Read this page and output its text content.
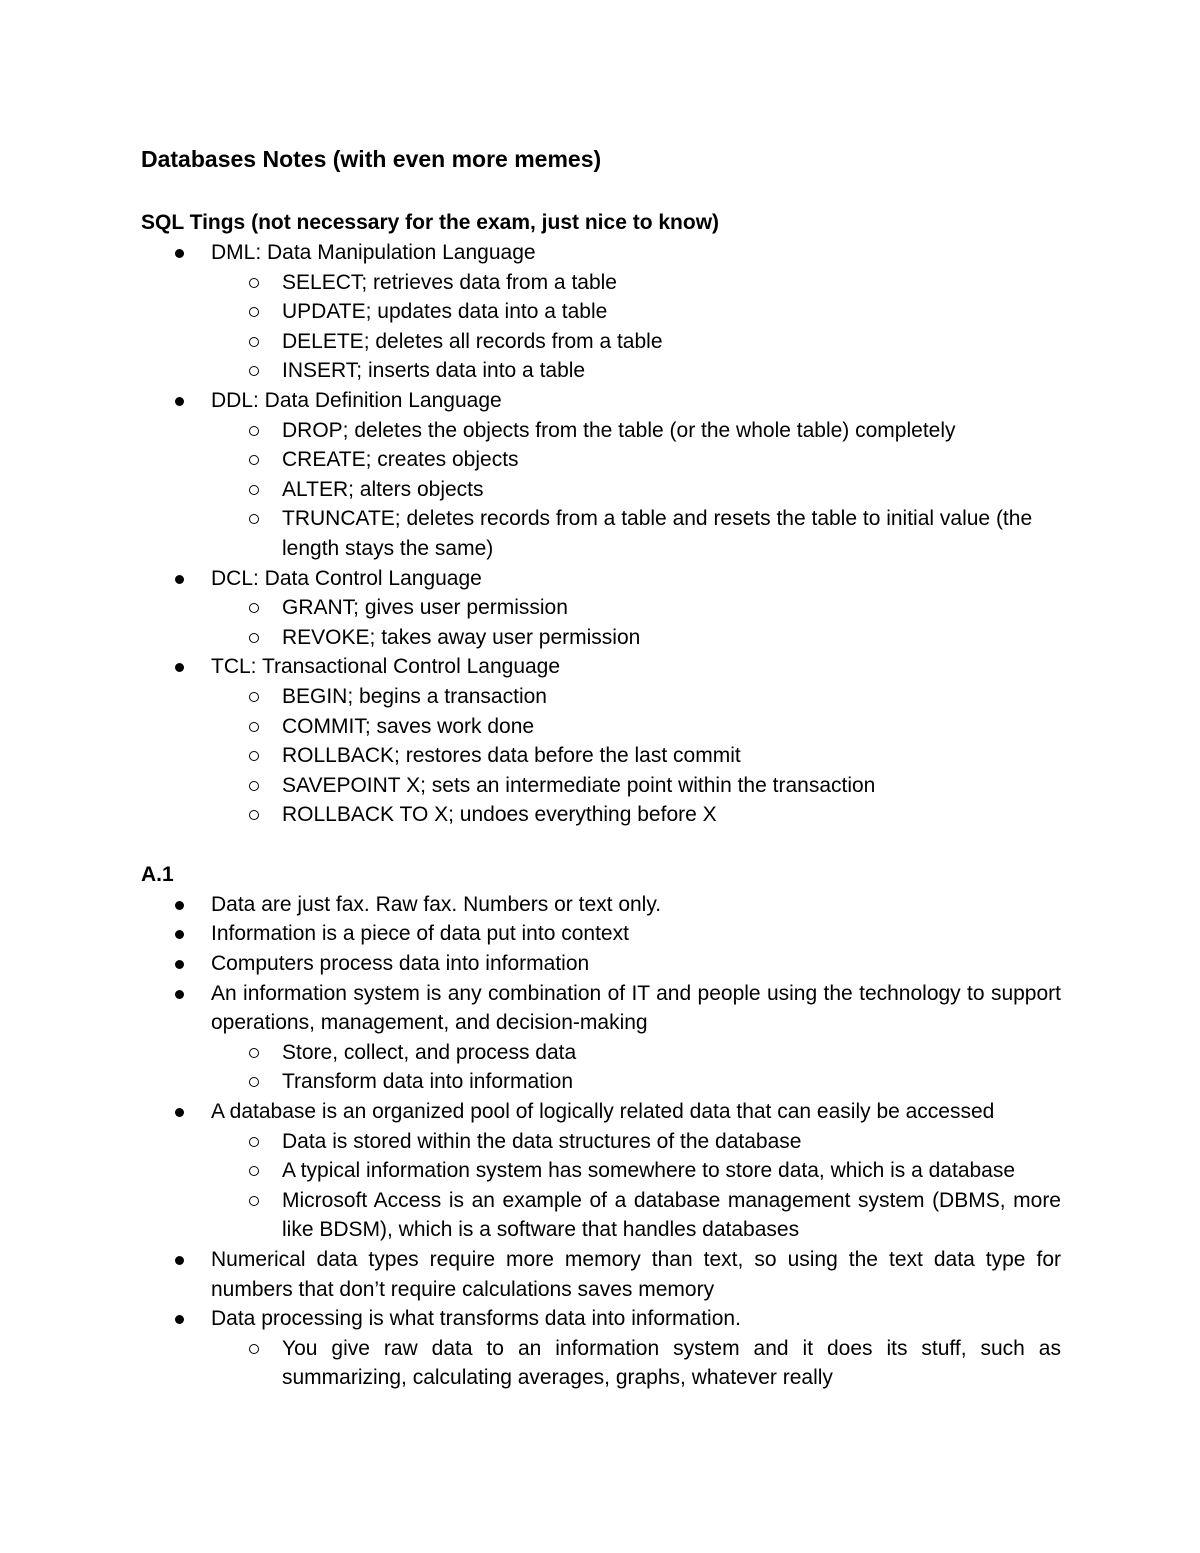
Databases Notes (with even more memes)
SQL Tings (not necessary for the exam, just nice to know)
DML: Data Manipulation Language
SELECT; retrieves data from a table
UPDATE; updates data into a table
DELETE; deletes all records from a table
INSERT; inserts data into a table
DDL: Data Definition Language
DROP; deletes the objects from the table (or the whole table) completely
CREATE; creates objects
ALTER; alters objects
TRUNCATE; deletes records from a table and resets the table to initial value (the length stays the same)
DCL: Data Control Language
GRANT; gives user permission
REVOKE; takes away user permission
TCL: Transactional Control Language
BEGIN; begins a transaction
COMMIT; saves work done
ROLLBACK; restores data before the last commit
SAVEPOINT X; sets an intermediate point within the transaction
ROLLBACK TO X; undoes everything before X
A.1
Data are just fax. Raw fax. Numbers or text only.
Information is a piece of data put into context
Computers process data into information
An information system is any combination of IT and people using the technology to support operations, management, and decision-making
Store, collect, and process data
Transform data into information
A database is an organized pool of logically related data that can easily be accessed
Data is stored within the data structures of the database
A typical information system has somewhere to store data, which is a database
Microsoft Access is an example of a database management system (DBMS, more like BDSM), which is a software that handles databases
Numerical data types require more memory than text, so using the text data type for numbers that don’t require calculations saves memory
Data processing is what transforms data into information.
You give raw data to an information system and it does its stuff, such as summarizing, calculating averages, graphs, whatever really
